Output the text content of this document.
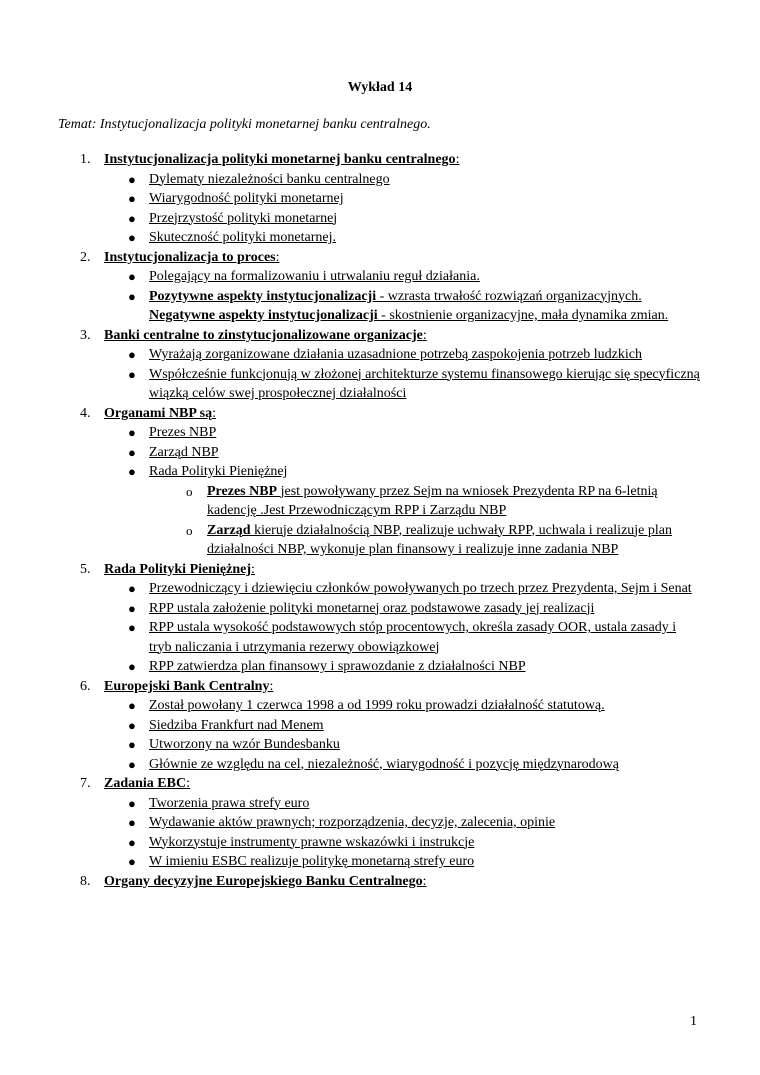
Wykład 14
Temat: Instytucjonalizacja polityki monetarnej banku centralnego.
1. Instytucjonalizacja polityki monetarnej banku centralnego:
● Dylematy niezależności banku centralnego
● Wiarygodność polityki monetarnej
● Przejrzystość polityki monetarnej
● Skuteczność polityki monetarnej.
2. Instytucjonalizacja to proces:
● Polegający na formalizowaniu i utrwalaniu reguł działania.
● Pozytywne aspekty instytucjonalizacji - wzrasta trwałość rozwiązań organizacyjnych.
Negatywne aspekty instytucjonalizacji - skostnienie organizacyjne, mała dynamika zmian.
3. Banki centralne to zinstytucjonalizowane organizacje:
● Wyrażają zorganizowane działania uzasadnione potrzebą zaspokojenia potrzeb ludzkich
● Współcześnie funkcjonują w złożonej architekturze systemu finansowego kierując się specyficzną wiązką celów swej prospołecznej działalności
4. Organami NBP są:
● Prezes NBP
● Zarząd NBP
● Rada Polityki Pieniężnej
o Prezes NBP jest powoływany przez Sejm na wniosek Prezydenta RP na 6-letnią kadencję .Jest Przewodniczącym RPP i Zarządu NBP
o Zarząd kieruje działalnością NBP, realizuje uchwały RPP, uchwala i realizuje plan działalności NBP, wykonuje plan finansowy i realizuje inne zadania NBP
5. Rada Polityki Pieniężnej:
● Przewodniczący i dziewięciu członków powoływanych po trzech przez Prezydenta, Sejm i Senat
● RPP ustala założenie polityki monetarnej oraz podstawowe zasady jej realizacji
● RPP ustala wysokość podstawowych stóp procentowych, określa zasady OOR, ustala zasady i tryb naliczania i utrzymania rezerwy obowiązkowej
● RPP zatwierdza plan finansowy i sprawozdanie z działalności NBP
6. Europejski Bank Centralny:
● Został powołany 1 czerwca 1998 a od 1999 roku prowadzi działalność statutową.
● Siedziba Frankfurt nad Menem
● Utworzony na wzór Bundesbanku
● Głównie ze względu na cel, niezależność, wiarygodność i pozycję międzynarodową
7. Zadania EBC:
● Tworzenia prawa strefy euro
● Wydawanie aktów prawnych; rozporządzenia, decyzje, zalecenia, opinie
● Wykorzystuje instrumenty prawne wskazówki i instrukcje
● W imieniu ESBC realizuje politykę monetarną strefy euro
8. Organy decyzyjne Europejskiego Banku Centralnego:
1
